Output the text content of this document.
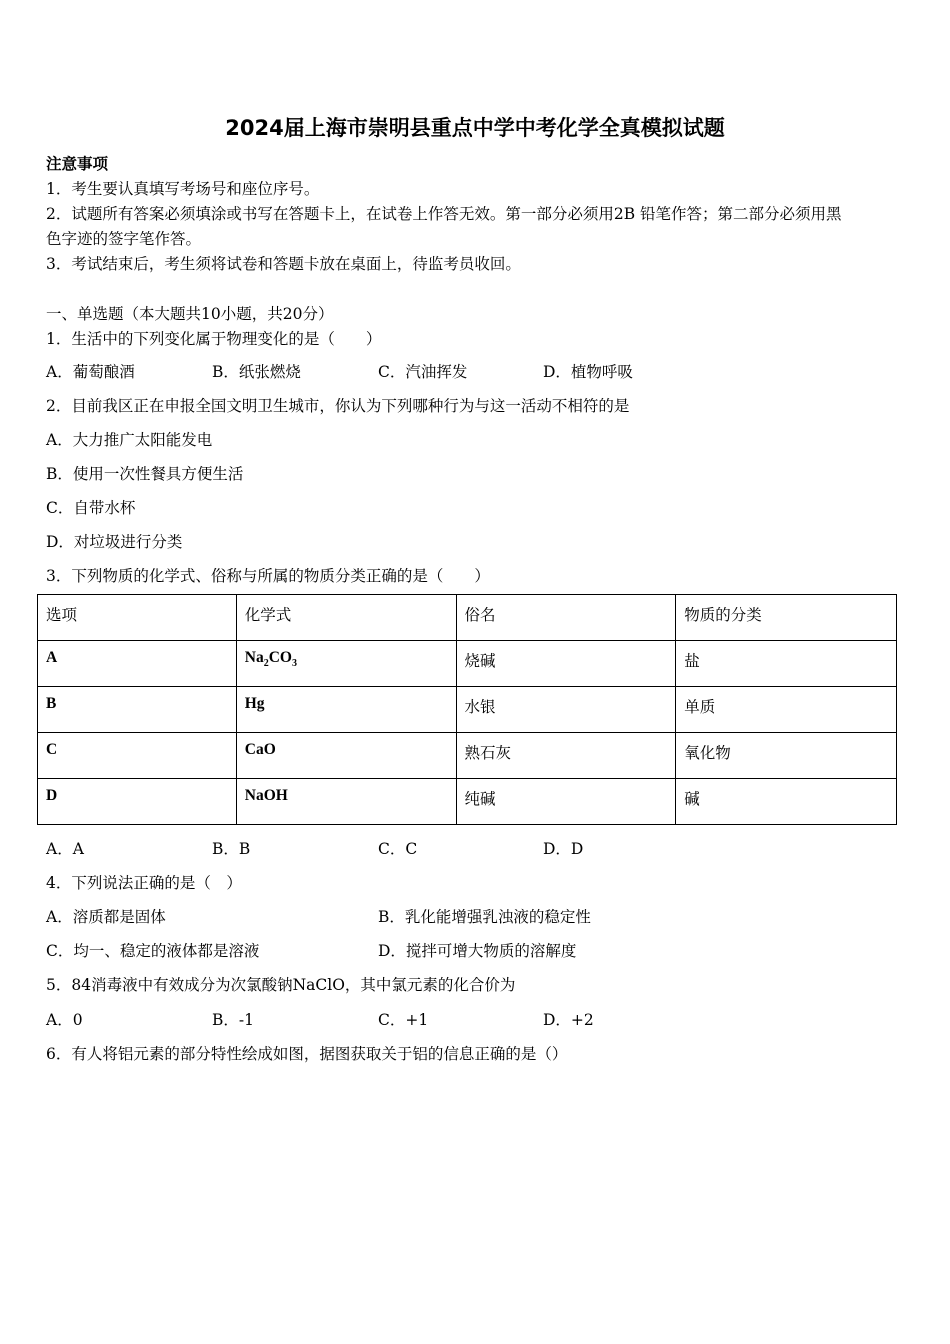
2024届上海市崇明县重点中学中考化学全真模拟试题
注意事项
1．考生要认真填写考场号和座位序号。
2．试题所有答案必须填涂或书写在答题卡上，在试卷上作答无效。第一部分必须用2B 铅笔作答；第二部分必须用黑
色字迹的签字笔作答。
3．考试结束后，考生须将试卷和答题卡放在桌面上，待监考员收回。
一、单选题（本大题共10小题，共20分）
1．生活中的下列变化属于物理变化的是（　　）
A．葡萄酿酒	B．纸张燃烧	C．汽油挥发	D．植物呼吸
2．目前我区正在申报全国文明卫生城市，你认为下列哪种行为与这一活动不相符的是
A．大力推广太阳能发电
B．使用一次性餐具方便生活
C．自带水杯
D．对垃圾进行分类
3．下列物质的化学式、俗称与所属的物质分类正确的是（　　）
选项	化学式	俗名	物质的分类
A	$Na_2CO_3$	烧碱	盐
B	Hg	水银	单质
C	CaO	熟石灰	氧化物
D	NaOH	纯碱	碱
A．A	B．B	C．C	D．D
4．下列说法正确的是（　）
A．溶质都是固体	B．乳化能增强乳浊液的稳定性
C．均一、稳定的液体都是溶液	D．搅拌可增大物质的溶解度
5．84消毒液中有效成分为次氯酸钠NaClO，其中氯元素的化合价为
A．0	B．-1	C．+1	D．+2
6．有人将铝元素的部分特性绘成如图，据图获取关于铝的信息正确的是（）
